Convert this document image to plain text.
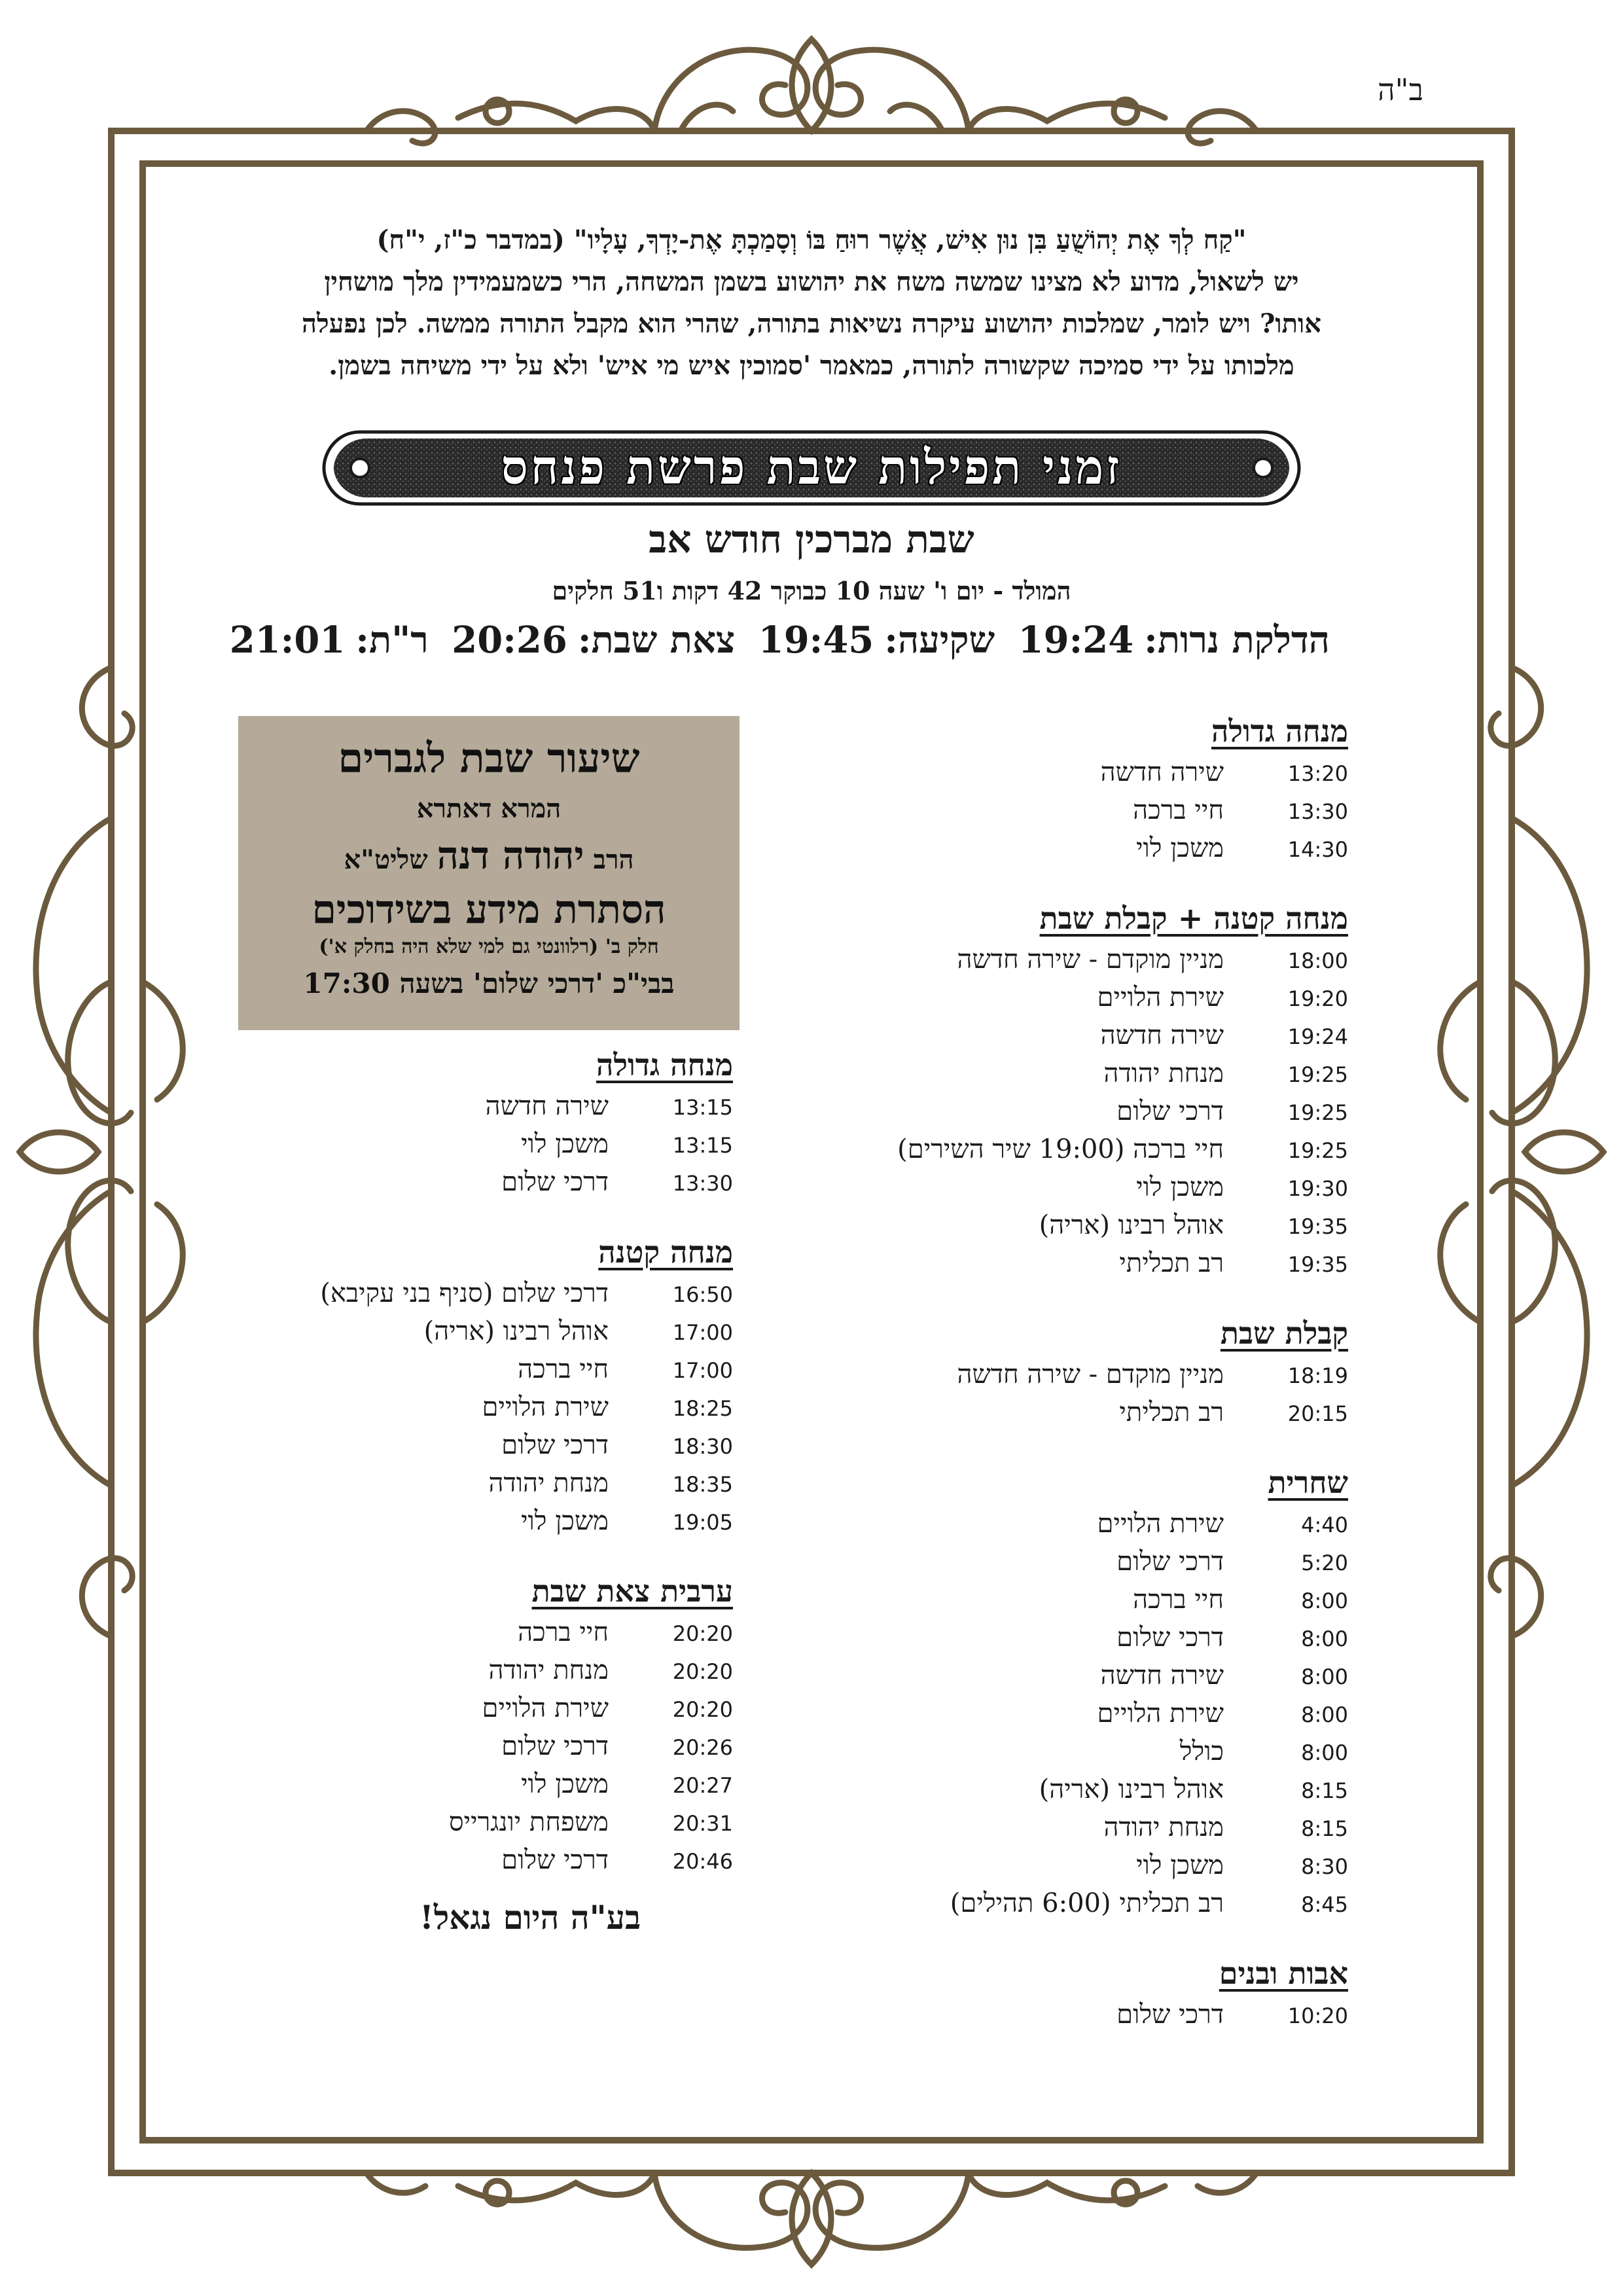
ב"ה
"קַח לְךָ אֶת יְהוֹשֻׁעַ בִּן נוּן אִישׁ, אֲשֶׁר רוּחַ בּוֹ וְסָמַכְתָּ אֶת-יָדְךָ, עָלָיו" (במדבר כ"ז, י"ח)
יש לשאול, מדוע לא מצינו שמשה משח את יהושוע בשמן המשחה, הרי כשמעמידין מלך מושחין
אותו? ויש לומר, שמלכות יהושוע עיקרה נשיאות בתורה, שהרי הוא מקבל התורה ממשה. לכן נפעלה
מלכותו על ידי סמיכה שקשורה לתורה, כמאמר 'סמוכין איש מי איש' ולא על ידי משיחה בשמן.
זמני תפילות שבת פרשת פנחס
שבת מברכין חודש אב
המולד - יום ו' שעה 10 כבוקר 42 דקות ו51 חלקים
הדלקת נרות:19:24 שקיעה:19:45 צאת שבת:20:26 ר"ת:21:01
מנחה גדולה
13:20
שירה חדשה
13:30
חיי ברכה
14:30
משכן לוי
מנחה קטנה + קבלת שבת
18:00
מניין מוקדם - שירה חדשה
19:20
שירת הלויים
19:24
שירה חדשה
19:25
מנחת יהודה
19:25
דרכי שלום
19:25
חיי ברכה (19:00 שיר השירים)
19:30
משכן לוי
19:35
אוהל רבינו (אריה)
19:35
רב תכליתי
קבלת שבת
18:19
מניין מוקדם - שירה חדשה
20:15
רב תכליתי
שחרית
4:40
שירת הלויים
5:20
דרכי שלום
8:00
חיי ברכה
8:00
דרכי שלום
8:00
שירה חדשה
8:00
שירת הלויים
8:00
כולל
8:15
אוהל רבינו (אריה)
8:15
מנחת יהודה
8:30
משכן לוי
8:45
רב תכליתי (6:00 תהילים)
אבות ובנים
10:20
דרכי שלום
שיעור שבת לגברים
המרא דאתרא
הרב יהודה דנה שליט"א
הסתרת מידע בשידוכים
חלק ב' (רלוונטי גם למי שלא היה בחלק א')
בבי"כ 'דרכי שלום' בשעה 17:30
מנחה גדולה
13:15
שירה חדשה
13:15
משכן לוי
13:30
דרכי שלום
מנחה קטנה
16:50
דרכי שלום (סניף בני עקיבא)
17:00
אוהל רבינו (אריה)
17:00
חיי ברכה
18:25
שירת הלויים
18:30
דרכי שלום
18:35
מנחת יהודה
19:05
משכן לוי
ערבית צאת שבת
20:20
חיי ברכה
20:20
מנחת יהודה
20:20
שירת הלויים
20:26
דרכי שלום
20:27
משכן לוי
20:31
משפחת יונגרייס
20:46
דרכי שלום
בע"ה היום נגאל!
